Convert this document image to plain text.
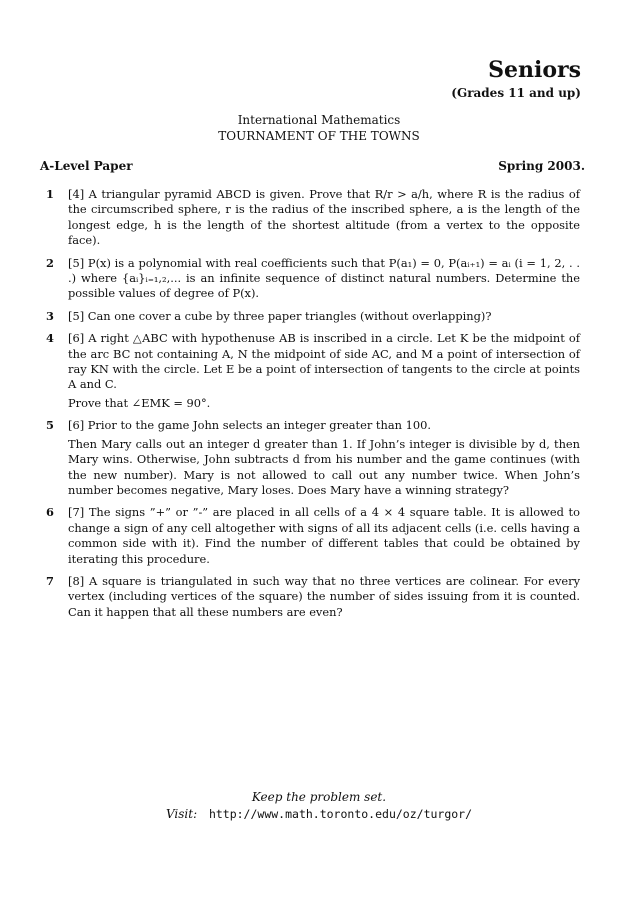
Seniors
(Grades 11 and up)
International Mathematics
TOURNAMENT OF THE TOWNS
A-Level Paper	Spring 2003.
1 [4] A triangular pyramid ABCD is given. Prove that R/r > a/h, where R is the radius of the circumscribed sphere, r is the radius of the inscribed sphere, a is the length of the longest edge, h is the length of the shortest altitude (from a vertex to the opposite face).
2 [5] P(x) is a polynomial with real coefficients such that P(a₁) = 0, P(aᵢ₊₁) = aᵢ (i = 1, 2, . . .) where {aᵢ}ᵢ₌₁,₂,... is an infinite sequence of distinct natural numbers. Determine the possible values of degree of P(x).
3 [5] Can one cover a cube by three paper triangles (without overlapping)?
4 [6] A right △ABC with hypothenuse AB is inscribed in a circle. Let K be the midpoint of the arc BC not containing A, N the midpoint of side AC, and M a point of intersection of ray KN with the circle. Let E be a point of intersection of tangents to the circle at points A and C.
Prove that ∠EMK = 90°.
5 [6] Prior to the game John selects an integer greater than 100.
Then Mary calls out an integer d greater than 1. If John’s integer is divisible by d, then Mary wins. Otherwise, John subtracts d from his number and the game continues (with the new number). Mary is not allowed to call out any number twice. When John’s number becomes negative, Mary loses. Does Mary have a winning strategy?
6 [7] The signs ”+” or ”-” are placed in all cells of a 4 × 4 square table. It is allowed to change a sign of any cell altogether with signs of all its adjacent cells (i.e. cells having a common side with it). Find the number of different tables that could be obtained by iterating this procedure.
7 [8] A square is triangulated in such way that no three vertices are colinear. For every vertex (including vertices of the square) the number of sides issuing from it is counted. Can it happen that all these numbers are even?
Keep the problem set.
Visit: http://www.math.toronto.edu/oz/turgor/
